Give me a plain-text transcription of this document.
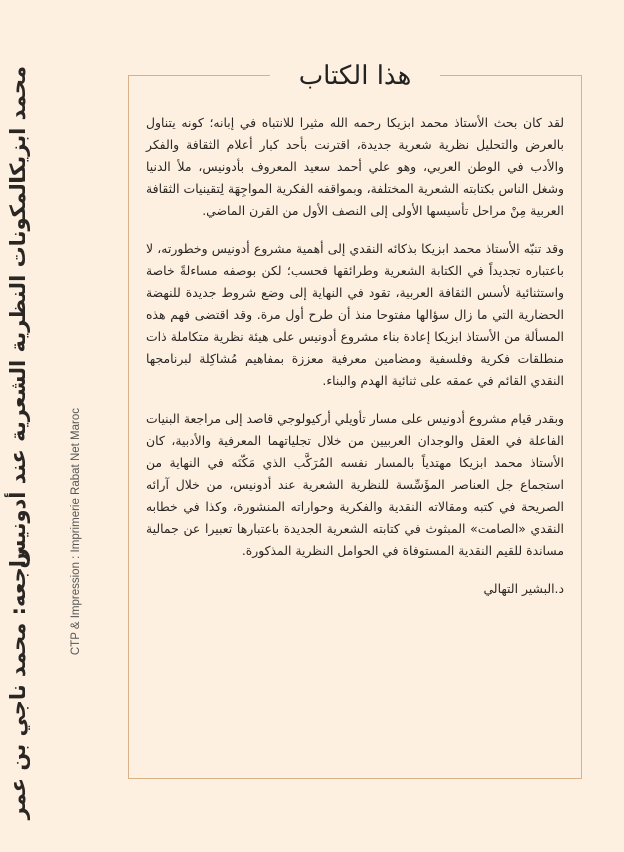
محمد ابزيكا
المكونات النظرية الشعرية عند أدونيس
راجعه: محمد ناجي بن عمر
CTP & Impression : Imprimerie Rabat Net Maroc
هذا الكتاب

لقد كان بحث الأستاذ محمد ابزيكا رحمه الله مثيرا للانتباه في إبانه؛ كونه يتناول بالعرض والتحليل نظرية شعرية جديدة، اقترنت بأحد كبار أعلام الثقافة والفكر والأدب في الوطن العربي، وهو علي أحمد سعيد المعروف بأدونيس، ملأ الدنيا وشغل الناس بكتابته الشعرية المختلفة، وبمواقفه الفكرية المواجِهَة لِتقينيات الثقافة العربية مِنْ مراحل تأسيسها الأولى إلى النصف الأول من القرن الماضي.

وقد تنبّه الأستاذ محمد ابزيكا بذكائه النقدي إلى أهمية مشروع أدونيس وخطورته، لا باعتباره تجديداً في الكتابة الشعرية وطرائقها فحسب؛ لكن بوصفه مساءلةً خاصة واستثنائية لأسس الثقافة العربية، تقود في النهاية إلى وضع شروط جديدة للنهضة الحضارية التي ما زال سؤالها مفتوحا منذ أن طرح أول مرة. وقد اقتضى فهم هذه المسألة من الأستاذ ابزيكا إعادة بناء مشروع أدونيس على هيئة نظرية متكاملة ذات منطلقات فكرية وفلسفية ومضامين معرفية معززة بمفاهيم مُشاكِلة لبرنامجها النقدي القائم في عمقه على ثنائية الهدم والبناء.

وبقدر قيام مشروع أدونيس على مسار تأويلي أركيولوجي قاصد إلى مراجعة البنيات الفاعلة في العقل والوجدان العربيين من خلال تجلياتهما المعرفية والأدبية، كان الأستاذ محمد ابزيكا مهتدياً بالمسار نفسه المُرَكَّب الذي مَكّنَه في النهاية من استجماع جل العناصر المؤَسِّسة للنظرية الشعرية عند أدونيس، من خلال آرائه الصريحة في كتبه ومقالاته النقدية والفكرية وحواراته المنشورة، وكذا في خطابه النقدي «الصامت» المبثوث في كتابته الشعرية الجديدة باعتبارها تعبيرا عن جمالية مساندة للقيم النقدية المستوفاة في الحوامل النظرية المذكورة.

د.البشير التهالي
